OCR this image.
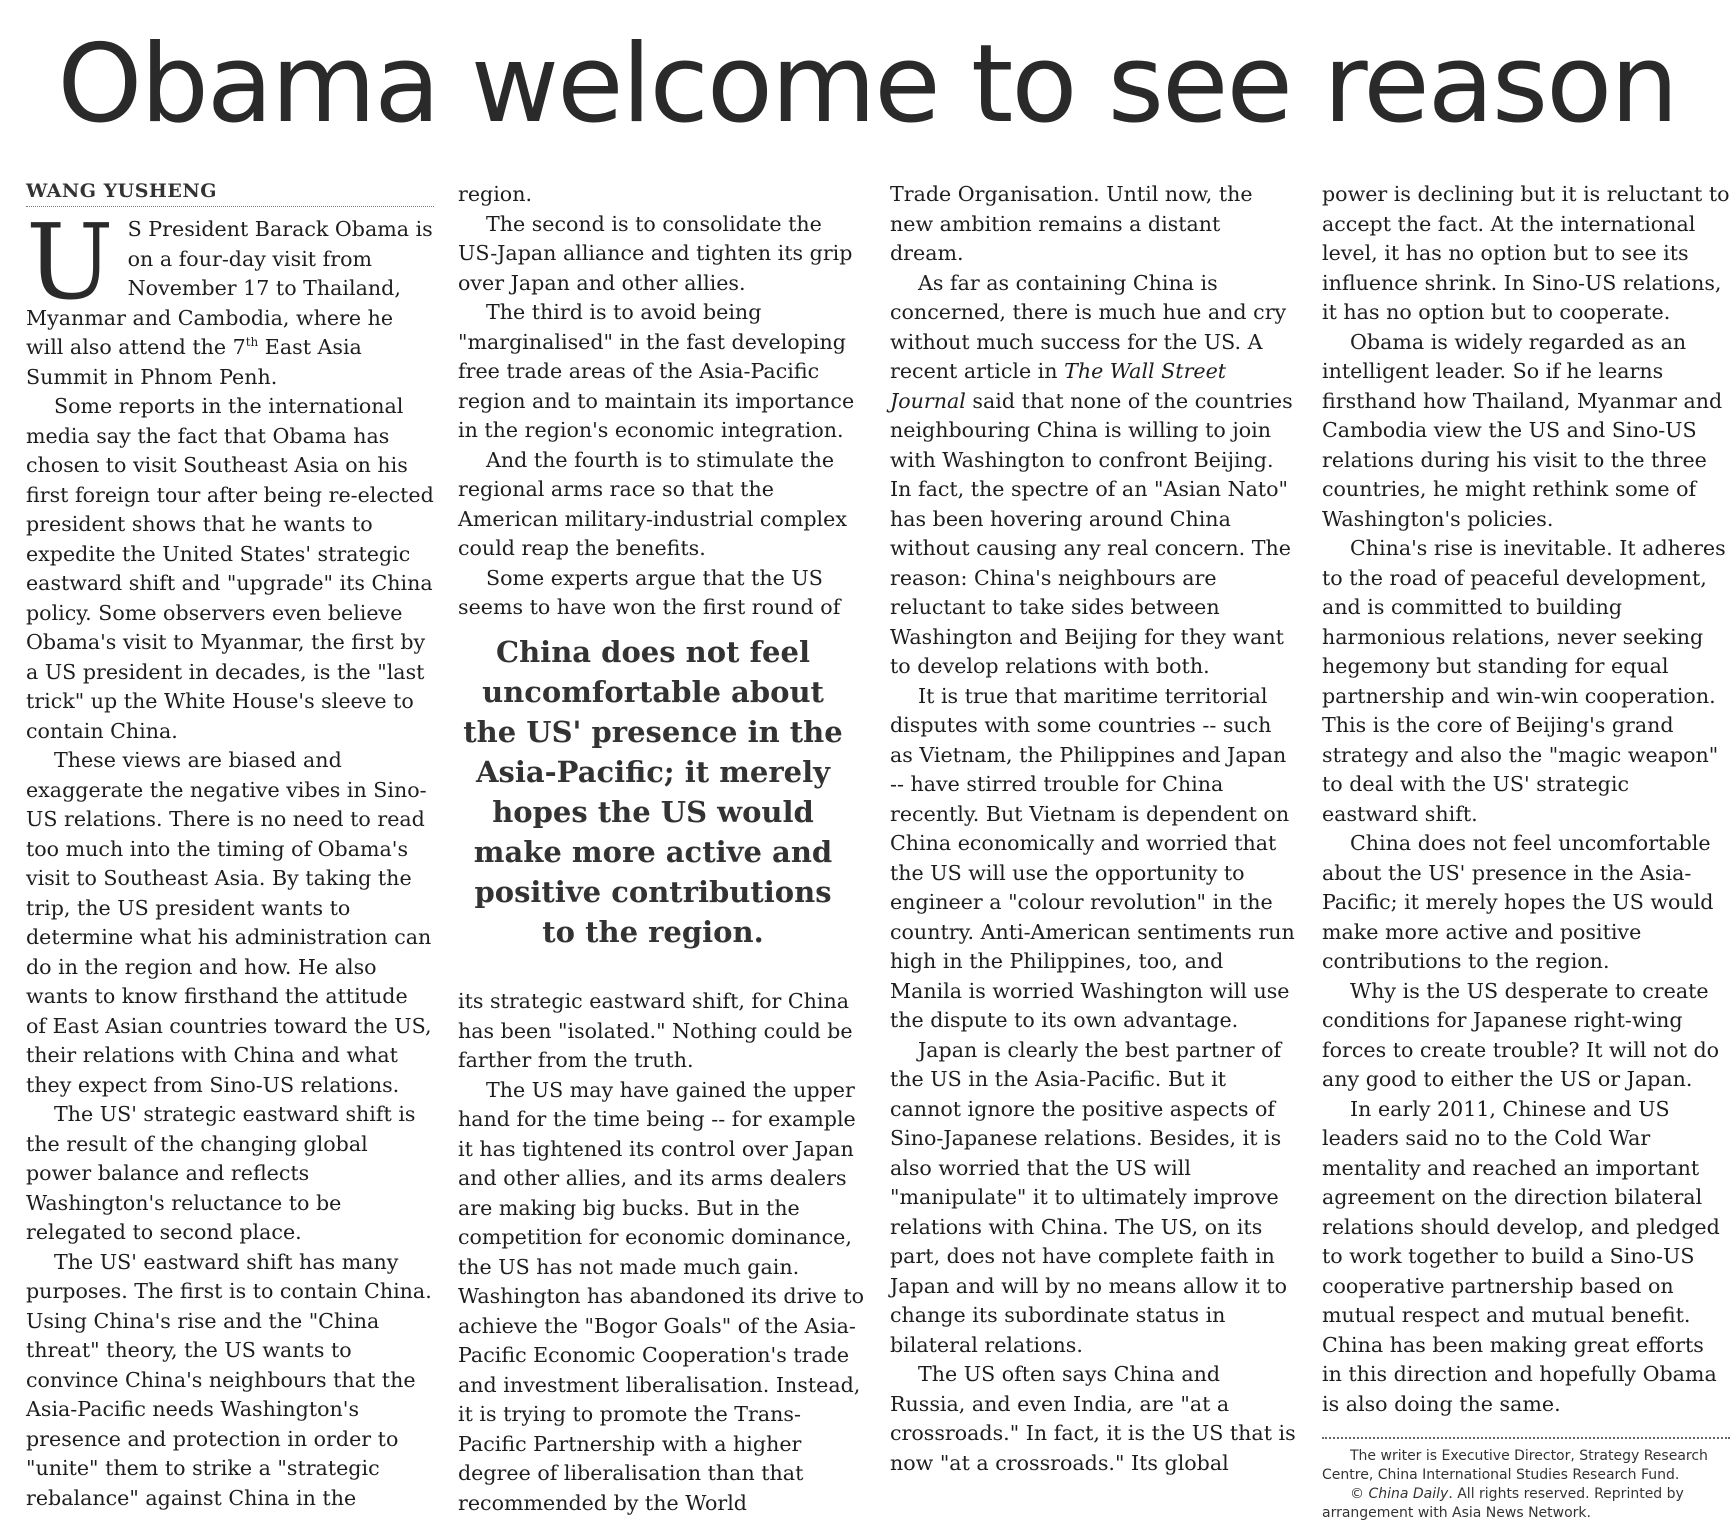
Obama welcome to see reason
WANG YUSHENG

U S President Barack Obama is on a four-day visit from November 17 to Thailand, Myanmar and Cambodia, where he will also attend the 7th East Asia Summit in Phnom Penh.

Some reports in the international media say the fact that Obama has chosen to visit Southeast Asia on his first foreign tour after being re-elected president shows that he wants to expedite the United States' strategic eastward shift and "upgrade" its China policy. Some observers even believe Obama's visit to Myanmar, the first by a US president in decades, is the "last trick" up the White House's sleeve to contain China.

These views are biased and exaggerate the negative vibes in Sino-US relations. There is no need to read too much into the timing of Obama's visit to Southeast Asia. By taking the trip, the US president wants to determine what his administration can do in the region and how. He also wants to know firsthand the attitude of East Asian countries toward the US, their relations with China and what they expect from Sino-US relations.

The US' strategic eastward shift is the result of the changing global power balance and reflects Washington's reluctance to be relegated to second place.

The US' eastward shift has many purposes. The first is to contain China. Using China's rise and the "China threat" theory, the US wants to convince China's neighbours that the Asia-Pacific needs Washington's presence and protection in order to "unite" them to strike a "strategic rebalance" against China in the

region.

The second is to consolidate the US-Japan alliance and tighten its grip over Japan and other allies.

The third is to avoid being "marginalised" in the fast developing free trade areas of the Asia-Pacific region and to maintain its importance in the region's economic integration.

And the fourth is to stimulate the regional arms race so that the American military-industrial complex could reap the benefits.

Some experts argue that the US seems to have won the first round of

China does not feel uncomfortable about the US' presence in the Asia-Pacific; it merely hopes the US would make more active and positive contributions to the region.

its strategic eastward shift, for China has been "isolated." Nothing could be farther from the truth.

The US may have gained the upper hand for the time being -- for example it has tightened its control over Japan and other allies, and its arms dealers are making big bucks. But in the competition for economic dominance, the US has not made much gain. Washington has abandoned its drive to achieve the "Bogor Goals" of the Asia-Pacific Economic Cooperation's trade and investment liberalisation. Instead, it is trying to promote the Trans-Pacific Partnership with a higher degree of liberalisation than that recommended by the World

Trade Organisation. Until now, the new ambition remains a distant dream.

As far as containing China is concerned, there is much hue and cry without much success for the US. A recent article in The Wall Street Journal said that none of the countries neighbouring China is willing to join with Washington to confront Beijing. In fact, the spectre of an "Asian Nato" has been hovering around China without causing any real concern. The reason: China's neighbours are reluctant to take sides between Washington and Beijing for they want to develop relations with both.

It is true that maritime territorial disputes with some countries -- such as Vietnam, the Philippines and Japan -- have stirred trouble for China recently. But Vietnam is dependent on China economically and worried that the US will use the opportunity to engineer a "colour revolution" in the country. Anti-American sentiments run high in the Philippines, too, and Manila is worried Washington will use the dispute to its own advantage.

Japan is clearly the best partner of the US in the Asia-Pacific. But it cannot ignore the positive aspects of Sino-Japanese relations. Besides, it is also worried that the US will "manipulate" it to ultimately improve relations with China. The US, on its part, does not have complete faith in Japan and will by no means allow it to change its subordinate status in bilateral relations.

The US often says China and Russia, and even India, are "at a crossroads." In fact, it is the US that is now "at a crossroads." Its global

power is declining but it is reluctant to accept the fact. At the international level, it has no option but to see its influence shrink. In Sino-US relations, it has no option but to cooperate.

Obama is widely regarded as an intelligent leader. So if he learns firsthand how Thailand, Myanmar and Cambodia view the US and Sino-US relations during his visit to the three countries, he might rethink some of Washington's policies.

China's rise is inevitable. It adheres to the road of peaceful development, and is committed to building harmonious relations, never seeking hegemony but standing for equal partnership and win-win cooperation. This is the core of Beijing's grand strategy and also the "magic weapon" to deal with the US' strategic eastward shift.

China does not feel uncomfortable about the US' presence in the Asia-Pacific; it merely hopes the US would make more active and positive contributions to the region.

Why is the US desperate to create conditions for Japanese right-wing forces to create trouble? It will not do any good to either the US or Japan.

In early 2011, Chinese and US leaders said no to the Cold War mentality and reached an important agreement on the direction bilateral relations should develop, and pledged to work together to build a Sino-US cooperative partnership based on mutual respect and mutual benefit. China has been making great efforts in this direction and hopefully Obama is also doing the same.

The writer is Executive Director, Strategy Research Centre, China International Studies Research Fund.

© China Daily. All rights reserved. Reprinted by arrangement with Asia News Network.
